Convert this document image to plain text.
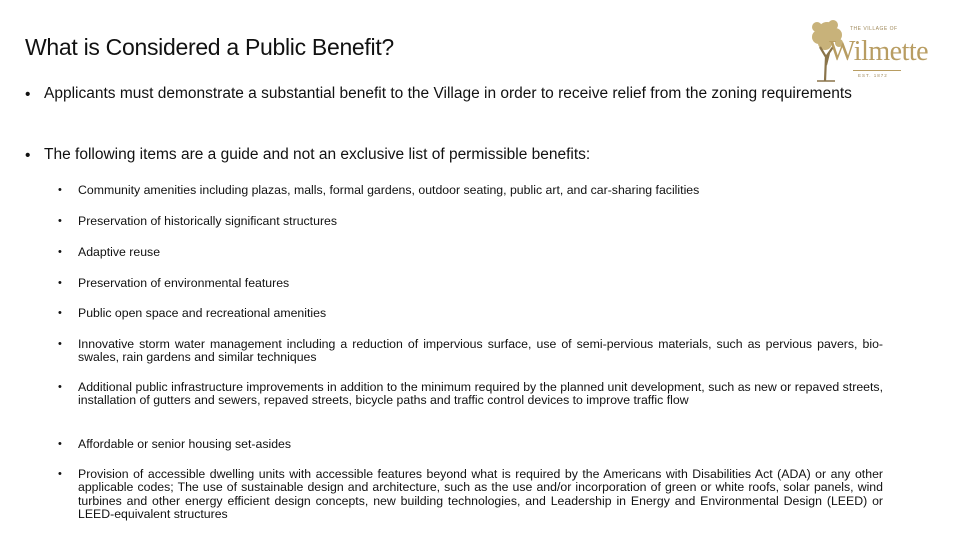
What is Considered a Public Benefit?
THE VILLAGE OF
Wilmette
EST. 1872
• Applicants must demonstrate a substantial benefit to the Village in order to receive relief from the zoning requirements
• The following items are a guide and not an exclusive list of permissible benefits:
• Community amenities including plazas, malls, formal gardens, outdoor seating, public art, and car-sharing facilities
• Preservation of historically significant structures
• Adaptive reuse
• Preservation of environmental features
• Public open space and recreational amenities
• Innovative storm water management including a reduction of impervious surface, use of semi-pervious materials, such as pervious pavers, bio-swales, rain gardens and similar techniques
• Additional public infrastructure improvements in addition to the minimum required by the planned unit development, such as new or repaved streets, installation of gutters and sewers, repaved streets, bicycle paths and traffic control devices to improve traffic flow
• Affordable or senior housing set-asides
• Provision of accessible dwelling units with accessible features beyond what is required by the Americans with Disabilities Act (ADA) or any other applicable codes; The use of sustainable design and architecture, such as the use and/or incorporation of green or white roofs, solar panels, wind turbines and other energy efficient design concepts, new building technologies, and Leadership in Energy and Environmental Design (LEED) or LEED-equivalent structures
